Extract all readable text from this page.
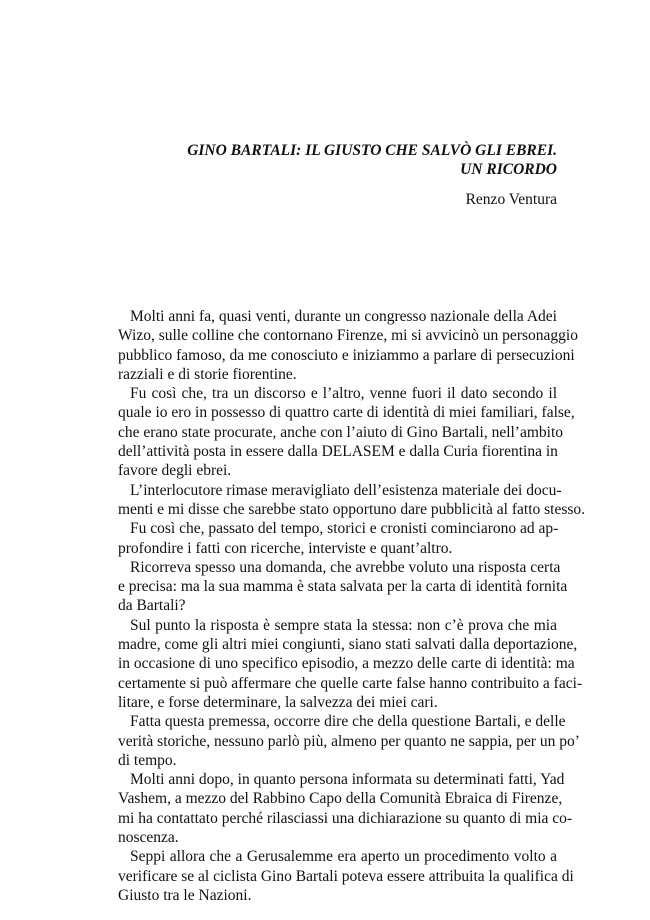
GINO BARTALI: IL GIUSTO CHE SALVÒ GLI EBREI.
UN RICORDO
Renzo Ventura
Molti anni fa, quasi venti, durante un congresso nazionale della Adei
Wizo, sulle colline che contornano Firenze, mi si avvicinò un personaggio
pubblico famoso, da me conosciuto e iniziammo a parlare di persecuzioni
razziali e di storie fiorentine.
Fu così che, tra un discorso e l’altro, venne fuori il dato secondo il
quale io ero in possesso di quattro carte di identità di miei familiari, false,
che erano state procurate, anche con l’aiuto di Gino Bartali, nell’ambito
dell’attività posta in essere dalla DELASEM e dalla Curia fiorentina in
favore degli ebrei.
L’interlocutore rimase meravigliato dell’esistenza materiale dei docu-
menti e mi disse che sarebbe stato opportuno dare pubblicità al fatto stesso.
Fu così che, passato del tempo, storici e cronisti cominciarono ad ap-
profondire i fatti con ricerche, interviste e quant’altro.
Ricorreva spesso una domanda, che avrebbe voluto una risposta certa
e precisa: ma la sua mamma è stata salvata per la carta di identità fornita
da Bartali?
Sul punto la risposta è sempre stata la stessa: non c’è prova che mia
madre, come gli altri miei congiunti, siano stati salvati dalla deportazione,
in occasione di uno specifico episodio, a mezzo delle carte di identità: ma
certamente si può affermare che quelle carte false hanno contribuito a faci-
litare, e forse determinare, la salvezza dei miei cari.
Fatta questa premessa, occorre dire che della questione Bartali, e delle
verità storiche, nessuno parlò più, almeno per quanto ne sappia, per un po’
di tempo.
Molti anni dopo, in quanto persona informata su determinati fatti, Yad
Vashem, a mezzo del Rabbino Capo della Comunità Ebraica di Firenze,
mi ha contattato perché rilasciassi una dichiarazione su quanto di mia co-
noscenza.
Seppi allora che a Gerusalemme era aperto un procedimento volto a
verificare se al ciclista Gino Bartali poteva essere attribuita la qualifica di
Giusto tra le Nazioni.
